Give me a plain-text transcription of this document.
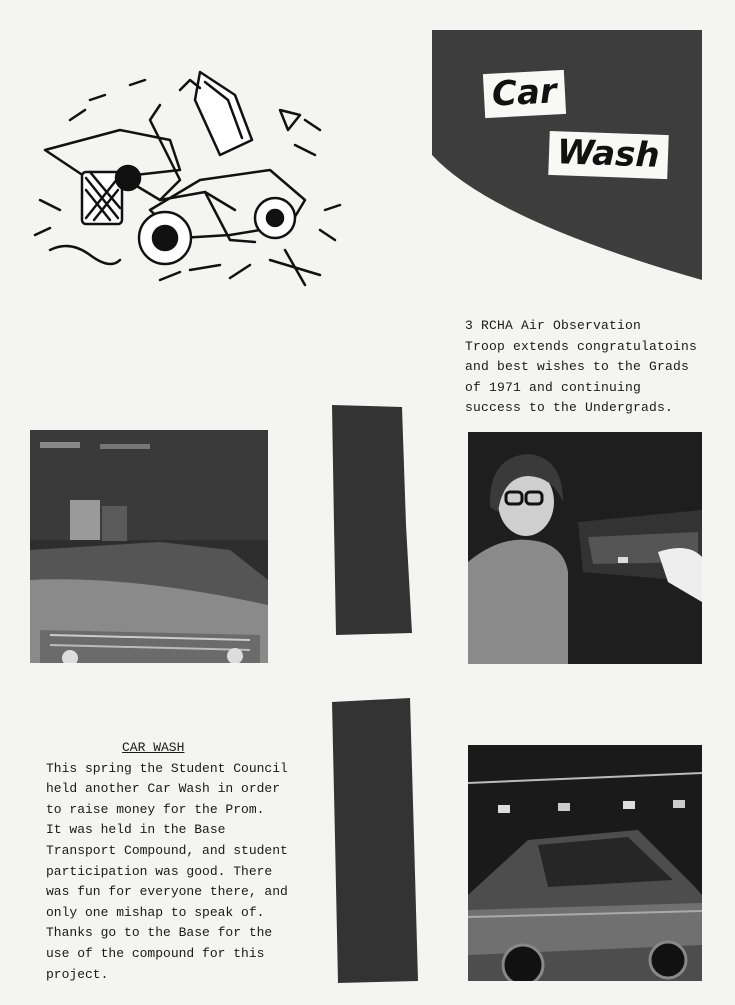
Car
Wash
3 RCHA Air Observation
Troop extends congratulatoins
and best wishes to the Grads
of 1971 and continuing
success to the Undergrads.
CAR WASH
This spring the Student Council
held another Car Wash in order
to raise money for the Prom.
It was held in the Base
Transport Compound, and student
participation was good. There
was fun for everyone there, and
only one mishap to speak of.
Thanks go to the Base for the
use of the compound for this
project.
